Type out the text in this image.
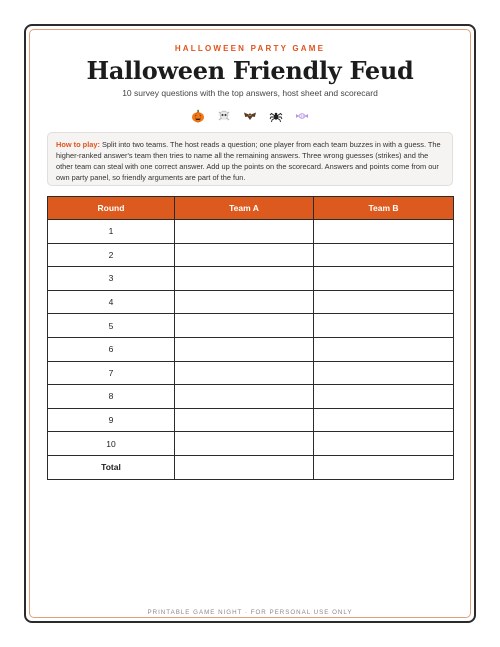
HALLOWEEN PARTY GAME
Halloween Friendly Feud
10 survey questions with the top answers, host sheet and scorecard
How to play: Split into two teams. The host reads a question; one player from each team buzzes in with a guess. The higher-ranked answer's team then tries to name all the remaining answers. Three wrong guesses (strikes) and the other team can steal with one correct answer. Add up the points on the scorecard. Answers and points come from our own party panel, so friendly arguments are part of the fun.
Round	Team A	Team B
1		
2		
3		
4		
5		
6		
7		
8		
9		
10		
Total		
PRINTABLE GAME NIGHT · FOR PERSONAL USE ONLY
